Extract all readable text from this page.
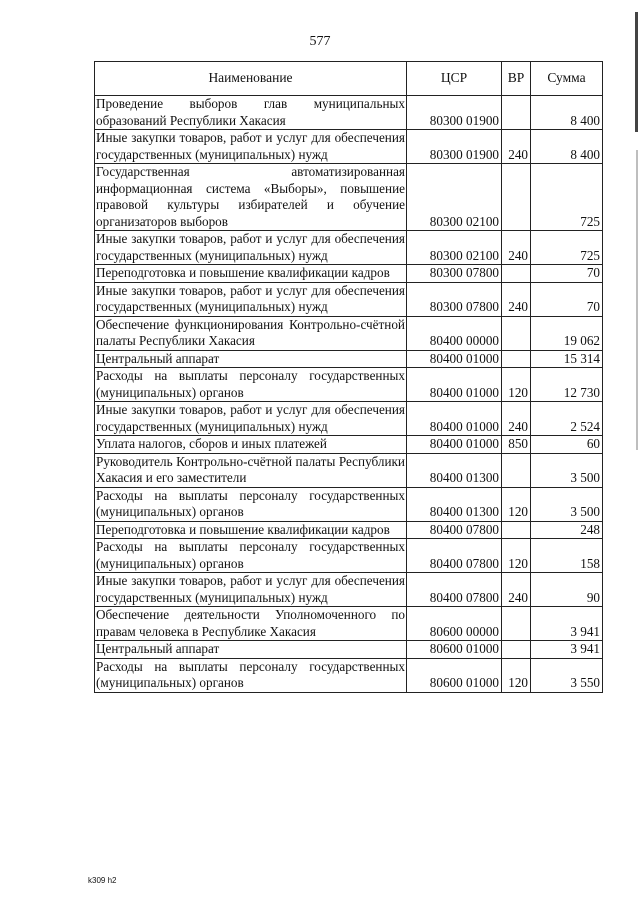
577
Наименование	ЦСР	ВР	Сумма
Проведение выборов глав муниципальных образований Республики Хакасия	80300 01900		8 400
Иные закупки товаров, работ и услуг для обеспечения государственных (муниципальных) нужд	80300 01900	240	8 400
Государственная автоматизированная информационная система «Выборы», повышение правовой культуры избирателей и обучение организаторов выборов	80300 02100		725
Иные закупки товаров, работ и услуг для обеспечения государственных (муниципальных) нужд	80300 02100	240	725
Переподготовка и повышение квалификации кадров	80300 07800		70
Иные закупки товаров, работ и услуг для обеспечения государственных (муниципальных) нужд	80300 07800	240	70
Обеспечение функционирования Контрольно-счётной палаты Республики Хакасия	80400 00000		19 062
Центральный аппарат	80400 01000		15 314
Расходы на выплаты персоналу государственных (муниципальных) органов	80400 01000	120	12 730
Иные закупки товаров, работ и услуг для обеспечения государственных (муниципальных) нужд	80400 01000	240	2 524
Уплата налогов, сборов и иных платежей	80400 01000	850	60
Руководитель Контрольно-счётной палаты Республики Хакасия и его заместители	80400 01300		3 500
Расходы на выплаты персоналу государственных (муниципальных) органов	80400 01300	120	3 500
Переподготовка и повышение квалификации кадров	80400 07800		248
Расходы на выплаты персоналу государственных (муниципальных) органов	80400 07800	120	158
Иные закупки товаров, работ и услуг для обеспечения государственных (муниципальных) нужд	80400 07800	240	90
Обеспечение деятельности Уполномоченного по правам человека в Республике Хакасия	80600 00000		3 941
Центральный аппарат	80600 01000		3 941
Расходы на выплаты персоналу государственных (муниципальных) органов	80600 01000	120	3 550
k309 h2
